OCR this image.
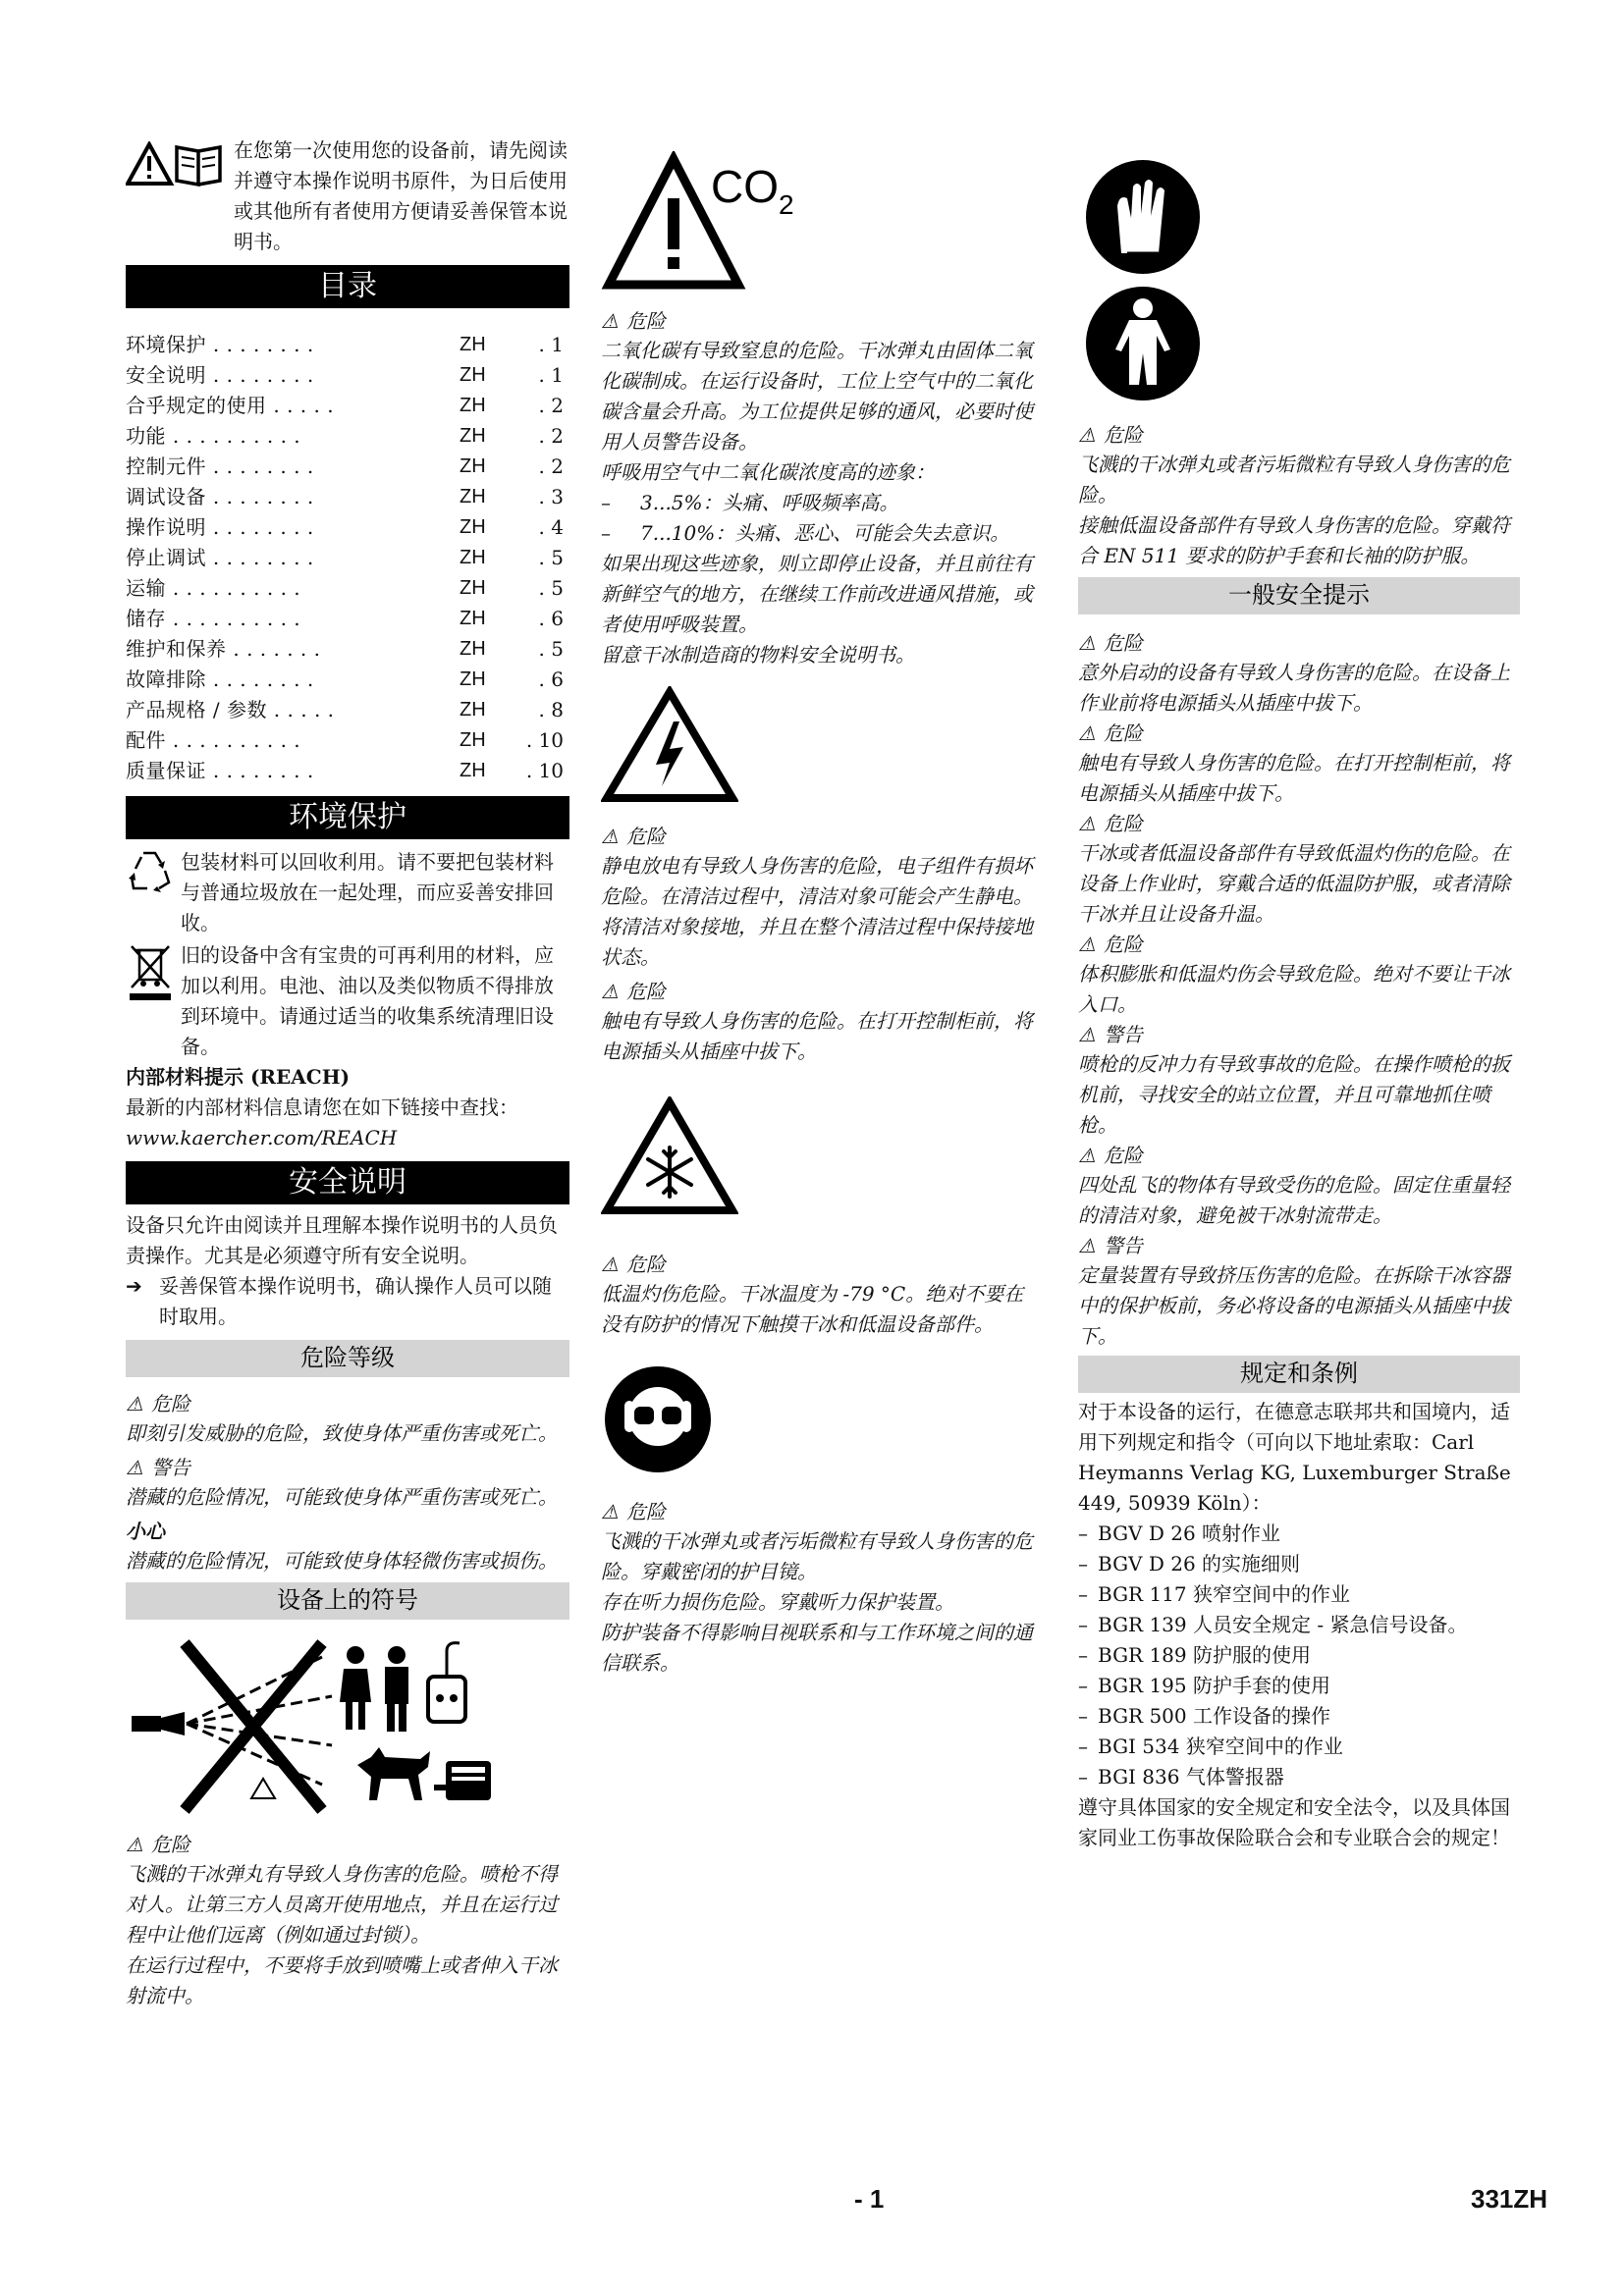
在您第一次使用您的设备前，请先阅读并遵守本操作说明书原件，为日后使用或其他所有者使用方便请妥善保管本说明书。

目录
环境保护 . . . . . . . .	ZH	. 1
安全说明 . . . . . . . .	ZH	. 1
合乎规定的使用 . . . . .	ZH	. 2
功能 . . . . . . . . . .	ZH	. 2
控制元件 . . . . . . . .	ZH	. 2
调试设备 . . . . . . . .	ZH	. 3
操作说明 . . . . . . . .	ZH	. 4
停止调试 . . . . . . . .	ZH	. 5
运输 . . . . . . . . . .	ZH	. 5
储存 . . . . . . . . . .	ZH	. 6
维护和保养 . . . . . . .	ZH	. 5
故障排除 . . . . . . . .	ZH	. 6
产品规格 / 参数 . . . . .	ZH	. 8
配件 . . . . . . . . . .	ZH	. 10
质量保证 . . . . . . . .	ZH	. 10
环境保护

包装材料可以回收利用。请不要把包装材料与普通垃圾放在一起处理，而应妥善安排回收。

旧的设备中含有宝贵的可再利用的材料，应加以利用。电池、油以及类似物质不得排放到环境中。请通过适当的收集系统清理旧设备。

内部材料提示 (REACH)

最新的内部材料信息请您在如下链接中查找：

www.kaercher.com/REACH

安全说明

设备只允许由阅读并且理解本操作说明书的人员负责操作。尤其是必须遵守所有安全说明。

➔ 妥善保管本操作说明书，确认操作人员可以随时取用。
危险等级
⚠ 危险

即刻引发威胁的危险，致使身体严重伤害或死亡。

⚠ 警告

潜藏的危险情况，可能致使身体严重伤害或死亡。

小心

潜藏的危险情况，可能致使身体轻微伤害或损伤。

设备上的符号
⚠ 危险

飞溅的干冰弹丸有导致人身伤害的危险。喷枪不得对人。让第三方人员离开使用地点，并且在运行过程中让他们远离（例如通过封锁）。

在运行过程中，不要将手放到喷嘴上或者伸入干冰射流中。

$CO_2$
⚠ 危险

二氧化碳有导致窒息的危险。干冰弹丸由固体二氧化碳制成。在运行设备时，工位上空气中的二氧化碳含量会升高。为工位提供足够的通风，必要时使用人员警告设备。

呼吸用空气中二氧化碳浓度高的迹象：

–	3...5%：头痛、呼吸频率高。
–	7...10%：头痛、恶心、可能会失去意识。

如果出现这些迹象，则立即停止设备，并且前往有新鲜空气的地方，在继续工作前改进通风措施，或者使用呼吸装置。

留意干冰制造商的物料安全说明书。

⚠ 危险

静电放电有导致人身伤害的危险，电子组件有损坏危险。在清洁过程中，清洁对象可能会产生静电。将清洁对象接地，并且在整个清洁过程中保持接地状态。

⚠ 危险

触电有导致人身伤害的危险。在打开控制柜前，将电源插头从插座中拔下。

⚠ 危险

低温灼伤危险。干冰温度为 -79 °C。绝对不要在没有防护的情况下触摸干冰和低温设备部件。

⚠ 危险

飞溅的干冰弹丸或者污垢微粒有导致人身伤害的危险。穿戴密闭的护目镜。

存在听力损伤危险。穿戴听力保护装置。

防护装备不得影响目视联系和与工作环境之间的通信联系。

⚠ 危险

飞溅的干冰弹丸或者污垢微粒有导致人身伤害的危险。

接触低温设备部件有导致人身伤害的危险。穿戴符合 EN 511 要求的防护手套和长袖的防护服。

一般安全提示
⚠ 危险

意外启动的设备有导致人身伤害的危险。在设备上作业前将电源插头从插座中拔下。

⚠ 危险

触电有导致人身伤害的危险。在打开控制柜前，将电源插头从插座中拔下。

⚠ 危险

干冰或者低温设备部件有导致低温灼伤的危险。在设备上作业时，穿戴合适的低温防护服，或者清除干冰并且让设备升温。

⚠ 危险

体积膨胀和低温灼伤会导致危险。绝对不要让干冰入口。

⚠ 警告

喷枪的反冲力有导致事故的危险。在操作喷枪的扳机前，寻找安全的站立位置，并且可靠地抓住喷枪。

⚠ 危险

四处乱飞的物体有导致受伤的危险。固定住重量轻的清洁对象，避免被干冰射流带走。

⚠ 警告

定量装置有导致挤压伤害的危险。在拆除干冰容器中的保护板前，务必将设备的电源插头从插座中拔下。

规定和条例

对于本设备的运行，在德意志联邦共和国境内，适用下列规定和指令（可向以下地址索取：Carl Heymanns Verlag KG, Luxemburger Straße 449, 50939 Köln）：

– BGV D 26 喷射作业
– BGV D 26 的实施细则
– BGR 117 狭窄空间中的作业
– BGR 139 人员安全规定 - 紧急信号设备。
– BGR 189 防护服的使用
– BGR 195 防护手套的使用
– BGR 500 工作设备的操作
– BGI 534 狭窄空间中的作业
– BGI 836 气体警报器

遵守具体国家的安全规定和安全法令，以及具体国家同业工伤事故保险联合会和专业联合会的规定！

- 1	331ZH
